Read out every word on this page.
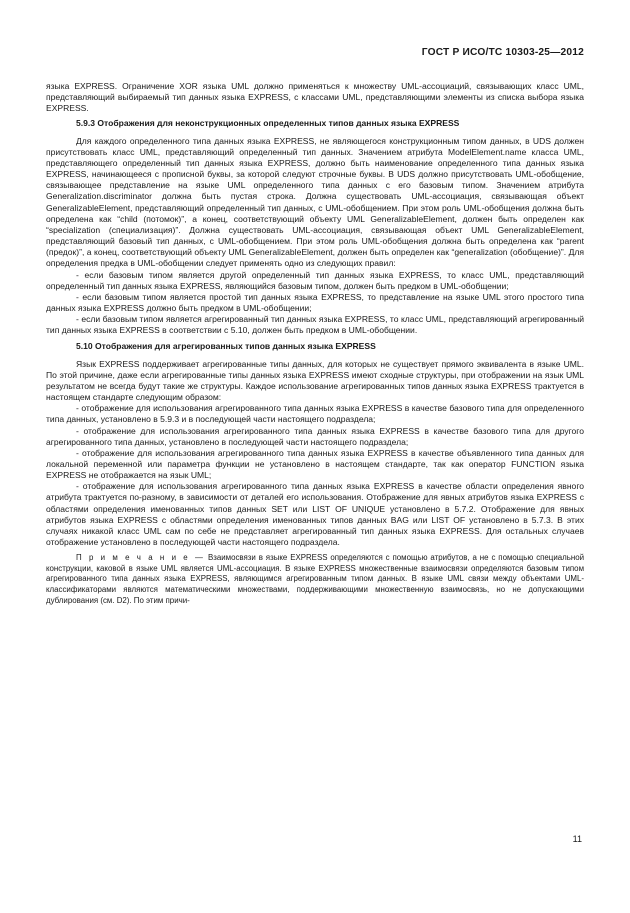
ГОСТ Р ИСО/ТС 10303-25—2012

языка EXPRESS. Ограничение XOR языка UML должно применяться к множеству UML-ассоциаций, связывающих класс UML, представляющий выбираемый тип данных языка EXPRESS, с классами UML, представляющими элементы из списка выбора языка EXPRESS.

5.9.3 Отображения для неконструкционных определенных типов данных языка EXPRESS

Для каждого определенного типа данных языка EXPRESS, не являющегося конструкционным типом данных, в UDS должен присутствовать класс UML, представляющий определенный тип данных. Значением атрибута ModelElement.name класса UML, представляющего определенный тип данных языка EXPRESS, должно быть наименование определенного типа данных языка EXPRESS, начинающееся с прописной буквы, за которой следуют строчные буквы. В UDS должно присутствовать UML-обобщение, связывающее представление на языке UML определенного типа данных с его базовым типом. Значением атрибута Generalization.discriminator должна быть пустая строка. Должна существовать UML-ассоциация, связывающая объект GeneralizableElement, представляющий определенный тип данных, с UML-обобщением. При этом роль UML-обобщения должна быть определена как “child (потомок)”, а конец, соответствующий объекту UML GeneralizableElement, должен быть определен как “specialization (специализация)”. Должна существовать UML-ассоциация, связывающая объект UML GeneralizableElement, представляющий базовый тип данных, с UML-обобщением. При этом роль UML-обобщения должна быть определена как “parent (предок)”, а конец, соответствующий объекту UML GeneralizableElement, должен быть определен как “generalization (обобщение)”. Для определения предка в UML-обобщении следует применять одно из следующих правил:

- если базовым типом является другой определенный тип данных языка EXPRESS, то класс UML, представляющий определенный тип данных языка EXPRESS, являющийся базовым типом, должен быть предком в UML-обобщении;

- если базовым типом является простой тип данных языка EXPRESS, то представление на языке UML этого простого типа данных языка EXPRESS должно быть предком в UML-обобщении;

- если базовым типом является агрегированный тип данных языка EXPRESS, то класс UML, представляющий агрегированный тип данных языка EXPRESS в соответствии с 5.10, должен быть предком в UML-обобщении.

5.10 Отображения для агрегированных типов данных языка EXPRESS

Язык EXPRESS поддерживает агрегированные типы данных, для которых не существует прямого эквивалента в языке UML. По этой причине, даже если агрегированные типы данных языка EXPRESS имеют сходные структуры, при отображении на язык UML результатом не всегда будут такие же структуры. Каждое использование агрегированных типов данных языка EXPRESS трактуется в настоящем стандарте следующим образом:

- отображение для использования агрегированного типа данных языка EXPRESS в качестве базового типа для определенного типа данных, установлено в 5.9.3 и в последующей части настоящего подраздела;

- отображение для использования агрегированного типа данных языка EXPRESS в качестве базового типа для другого агрегированного типа данных, установлено в последующей части настоящего подраздела;

- отображение для использования агрегированного типа данных языка EXPRESS в качестве объявленного типа данных для локальной переменной или параметра функции не установлено в настоящем стандарте, так как оператор FUNCTION языка EXPRESS не отображается на язык UML;

- отображение для использования агрегированного типа данных языка EXPRESS в качестве области определения явного атрибута трактуется по-разному, в зависимости от деталей его использования. Отображение для явных атрибутов языка EXPRESS с областями определения именованных типов данных SET или LIST OF UNIQUE установлено в 5.7.2. Отображение для явных атрибутов языка EXPRESS с областями определения именованных типов данных BAG или LIST OF установлено в 5.7.3. В этих случаях никакой класс UML сам по себе не представляет агрегированный тип данных языка EXPRESS. Для остальных случаев отображение установлено в последующей части настоящего подраздела.

П р и м е ч а н и е — Взаимосвязи в языке EXPRESS определяются с помощью атрибутов, а не с помощью специальной конструкции, каковой в языке UML является UML-ассоциация. В языке EXPRESS множественные взаимосвязи определяются базовым типом агрегированного типа данных языка EXPRESS, являющимся агрегированным типом данных. В языке UML связи между объектами UML-классификаторами являются математическими множествами, поддерживающими множественную взаимосвязь, но не допускающими дублирования (см. D2). По этим причи-

11
